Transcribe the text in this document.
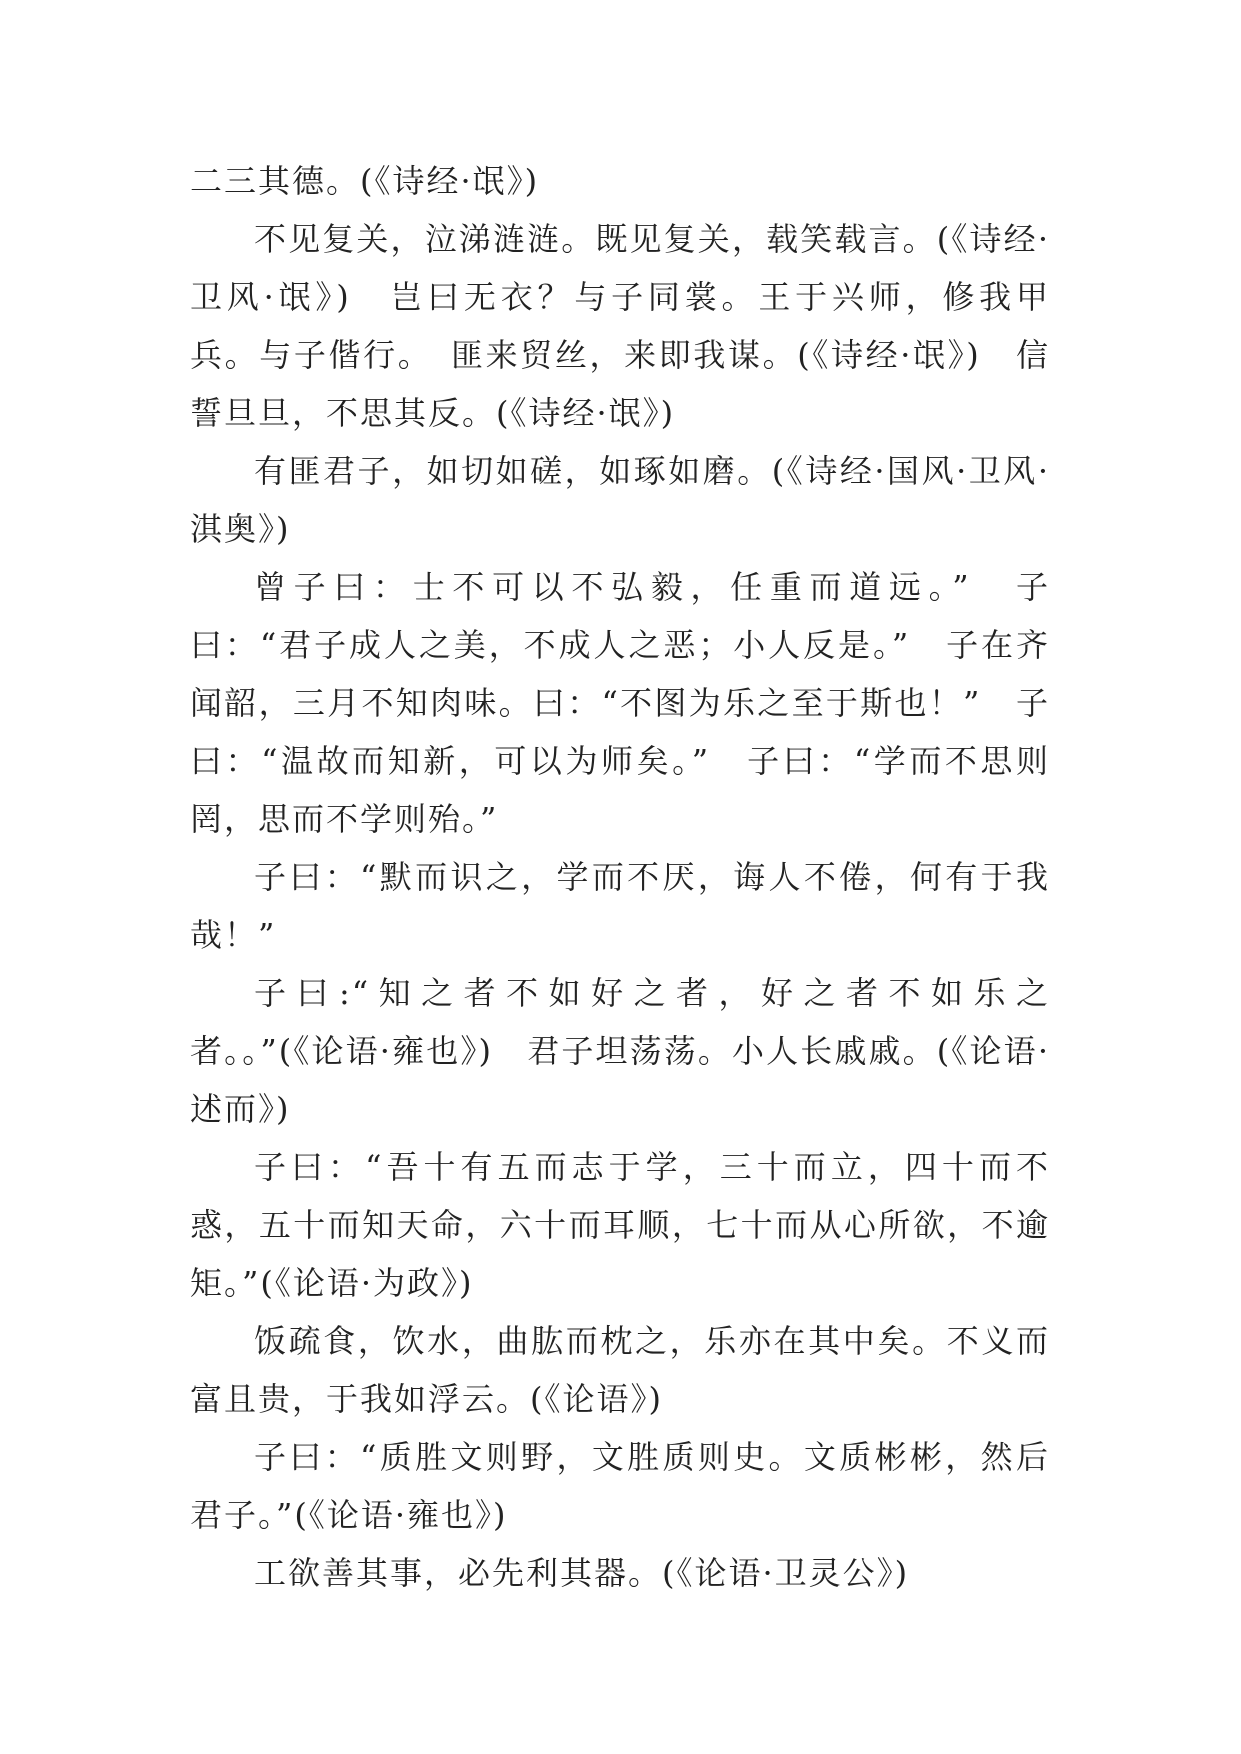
二三其德。(《诗经·氓》)

不见复关，泣涕涟涟。既见复关，载笑载言。(《诗经·卫风·氓》)　岂曰无衣？与子同裳。王于兴师，修我甲兵。与子偕行。　匪来贸丝，来即我谋。(《诗经·氓》)　信誓旦旦，不思其反。(《诗经·氓》)

有匪君子，如切如磋，如琢如磨。(《诗经·国风·卫风·淇奥》)

曾子曰：士不可以不弘毅，任重而道远。”　子曰：“君子成人之美，不成人之恶；小人反是。”　子在齐闻韶，三月不知肉味。曰：“不图为乐之至于斯也！”　子曰：“温故而知新，可以为师矣。”　子曰：“学而不思则罔，思而不学则殆。”

子曰：“默而识之，学而不厌，诲人不倦，何有于我哉！”

子曰:“知之者不如好之者，好之者不如乐之者。。”(《论语·雍也》)　君子坦荡荡。小人长戚戚。(《论语·述而》)

子曰：“吾十有五而志于学，三十而立，四十而不惑，五十而知天命，六十而耳顺，七十而从心所欲，不逾矩。”(《论语·为政》)

饭疏食，饮水，曲肱而枕之，乐亦在其中矣。不义而富且贵，于我如浮云。(《论语》)

子曰：“质胜文则野，文胜质则史。文质彬彬，然后君子。”(《论语·雍也》)

工欲善其事，必先利其器。(《论语·卫灵公》)
